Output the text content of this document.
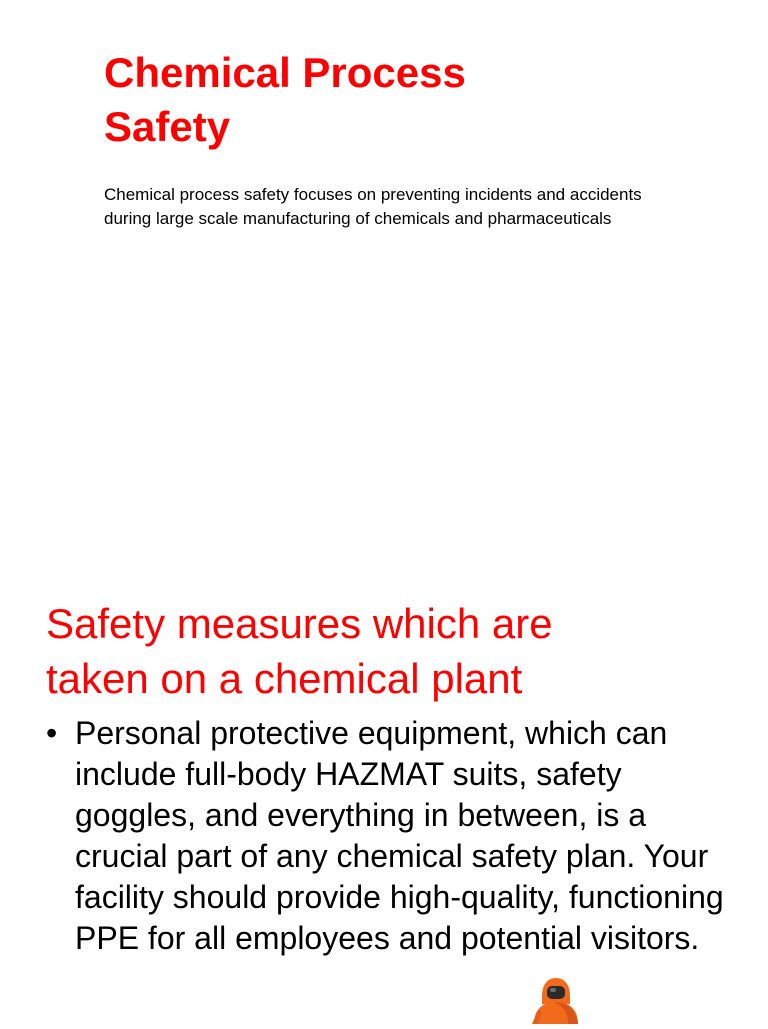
Chemical Process
Safety

Chemical process safety focuses on preventing incidents and accidents during large scale manufacturing of chemicals and pharmaceuticals

Safety measures which are
taken on a chemical plant
• Personal protective equipment, which can include full-body HAZMAT suits, safety goggles, and everything in between, is a crucial part of any chemical safety plan. Your facility should provide high-quality, functioning PPE for all employees and potential visitors.
